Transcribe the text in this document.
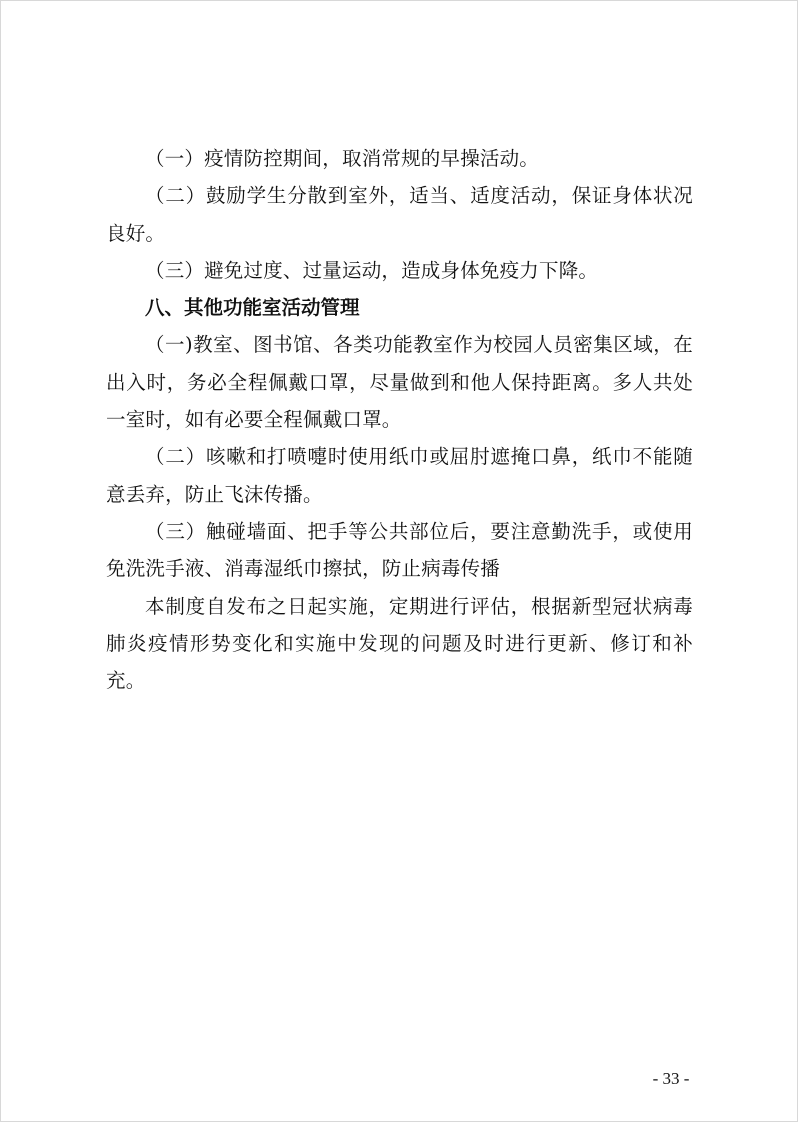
（一）疫情防控期间，取消常规的早操活动。

（二）鼓励学生分散到室外，适当、适度活动，保证身体状况良好。

（三）避免过度、过量运动，造成身体免疫力下降。

八、其他功能室活动管理

（一)教室、图书馆、各类功能教室作为校园人员密集区域，在出入时，务必全程佩戴口罩，尽量做到和他人保持距离。多人共处一室时，如有必要全程佩戴口罩。

（二）咳嗽和打喷嚏时使用纸巾或屈肘遮掩口鼻，纸巾不能随意丢弃，防止飞沫传播。

（三）触碰墙面、把手等公共部位后，要注意勤洗手，或使用免洗洗手液、消毒湿纸巾擦拭，防止病毒传播

本制度自发布之日起实施，定期进行评估，根据新型冠状病毒肺炎疫情形势变化和实施中发现的问题及时进行更新、修订和补充。

- 33 -
